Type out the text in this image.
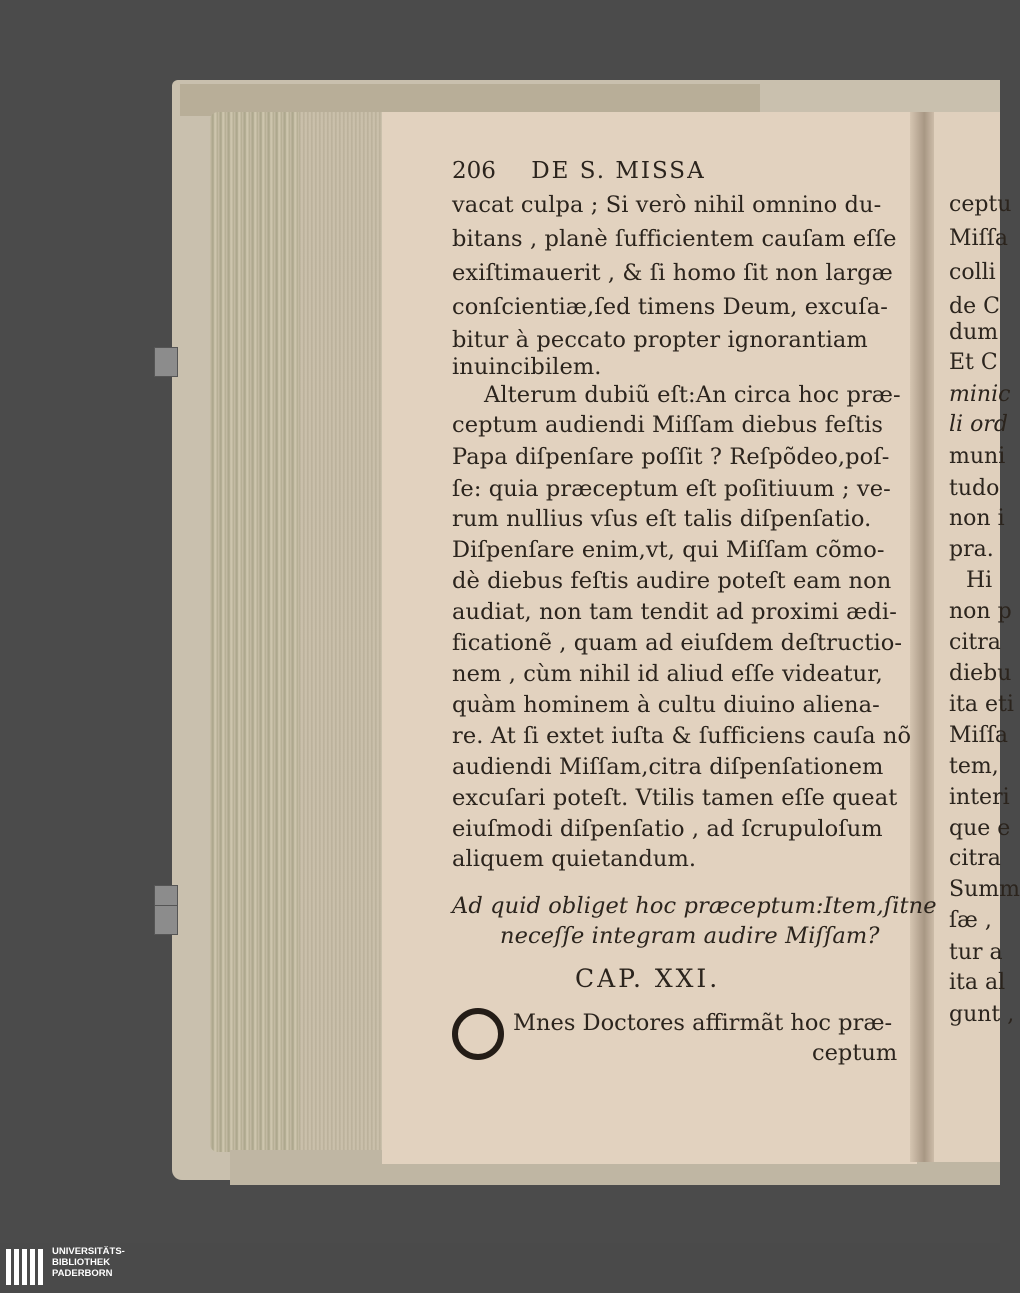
206 DE S. MISSA
vacat culpa ; Si verò nihil omnino du-
bitans , planè ſufficientem cauſam eſſe
exiſtimauerit , & ſi homo ſit non largæ
conſcientiæ,ſed timens Deum, excuſa-
bitur à peccato propter ignorantiam
inuincibilem.
Alterum dubiũ eſt:An circa hoc præ-
ceptum audiendi Miſſam diebus feſtis
Papa diſpenſare poſſit ? Reſpõdeo,poſ-
ſe: quia præceptum eſt poſitiuum ; ve-
rum nullius vſus eſt talis diſpenſatio.
Diſpenſare enim,vt, qui Miſſam cõmo-
dè diebus feſtis audire poteſt eam non
audiat, non tam tendit ad proximi ædi-
ficationẽ , quam ad eiuſdem deſtructio-
nem , cùm nihil id aliud eſſe videatur,
quàm hominem à cultu diuino aliena-
re. At ſi extet iuſta & ſufficiens cauſa nõ
audiendi Miſſam,citra diſpenſationem
excuſari poteſt. Vtilis tamen eſſe queat
eiuſmodi diſpenſatio , ad ſcrupuloſum
aliquem quietandum.
Ad quid obliget hoc præceptum:Item,ſitne
neceſſe integram audire Miſſam?
CAP. XXI.
Mnes Doctores affirmãt hoc præ-
ceptum
ceptu
Miſſa
colli
de C
dum
Et C
minic
li ord
muni
tudo
non i
pra.
Hi
non p
citra
diebu
ita eti
Miſſa
tem,
interi
que e
citra
Summ
ſæ ,
tur a
ita al
gunt ,
UNIVERSITÄTS-
BIBLIOTHEK
PADERBORN
